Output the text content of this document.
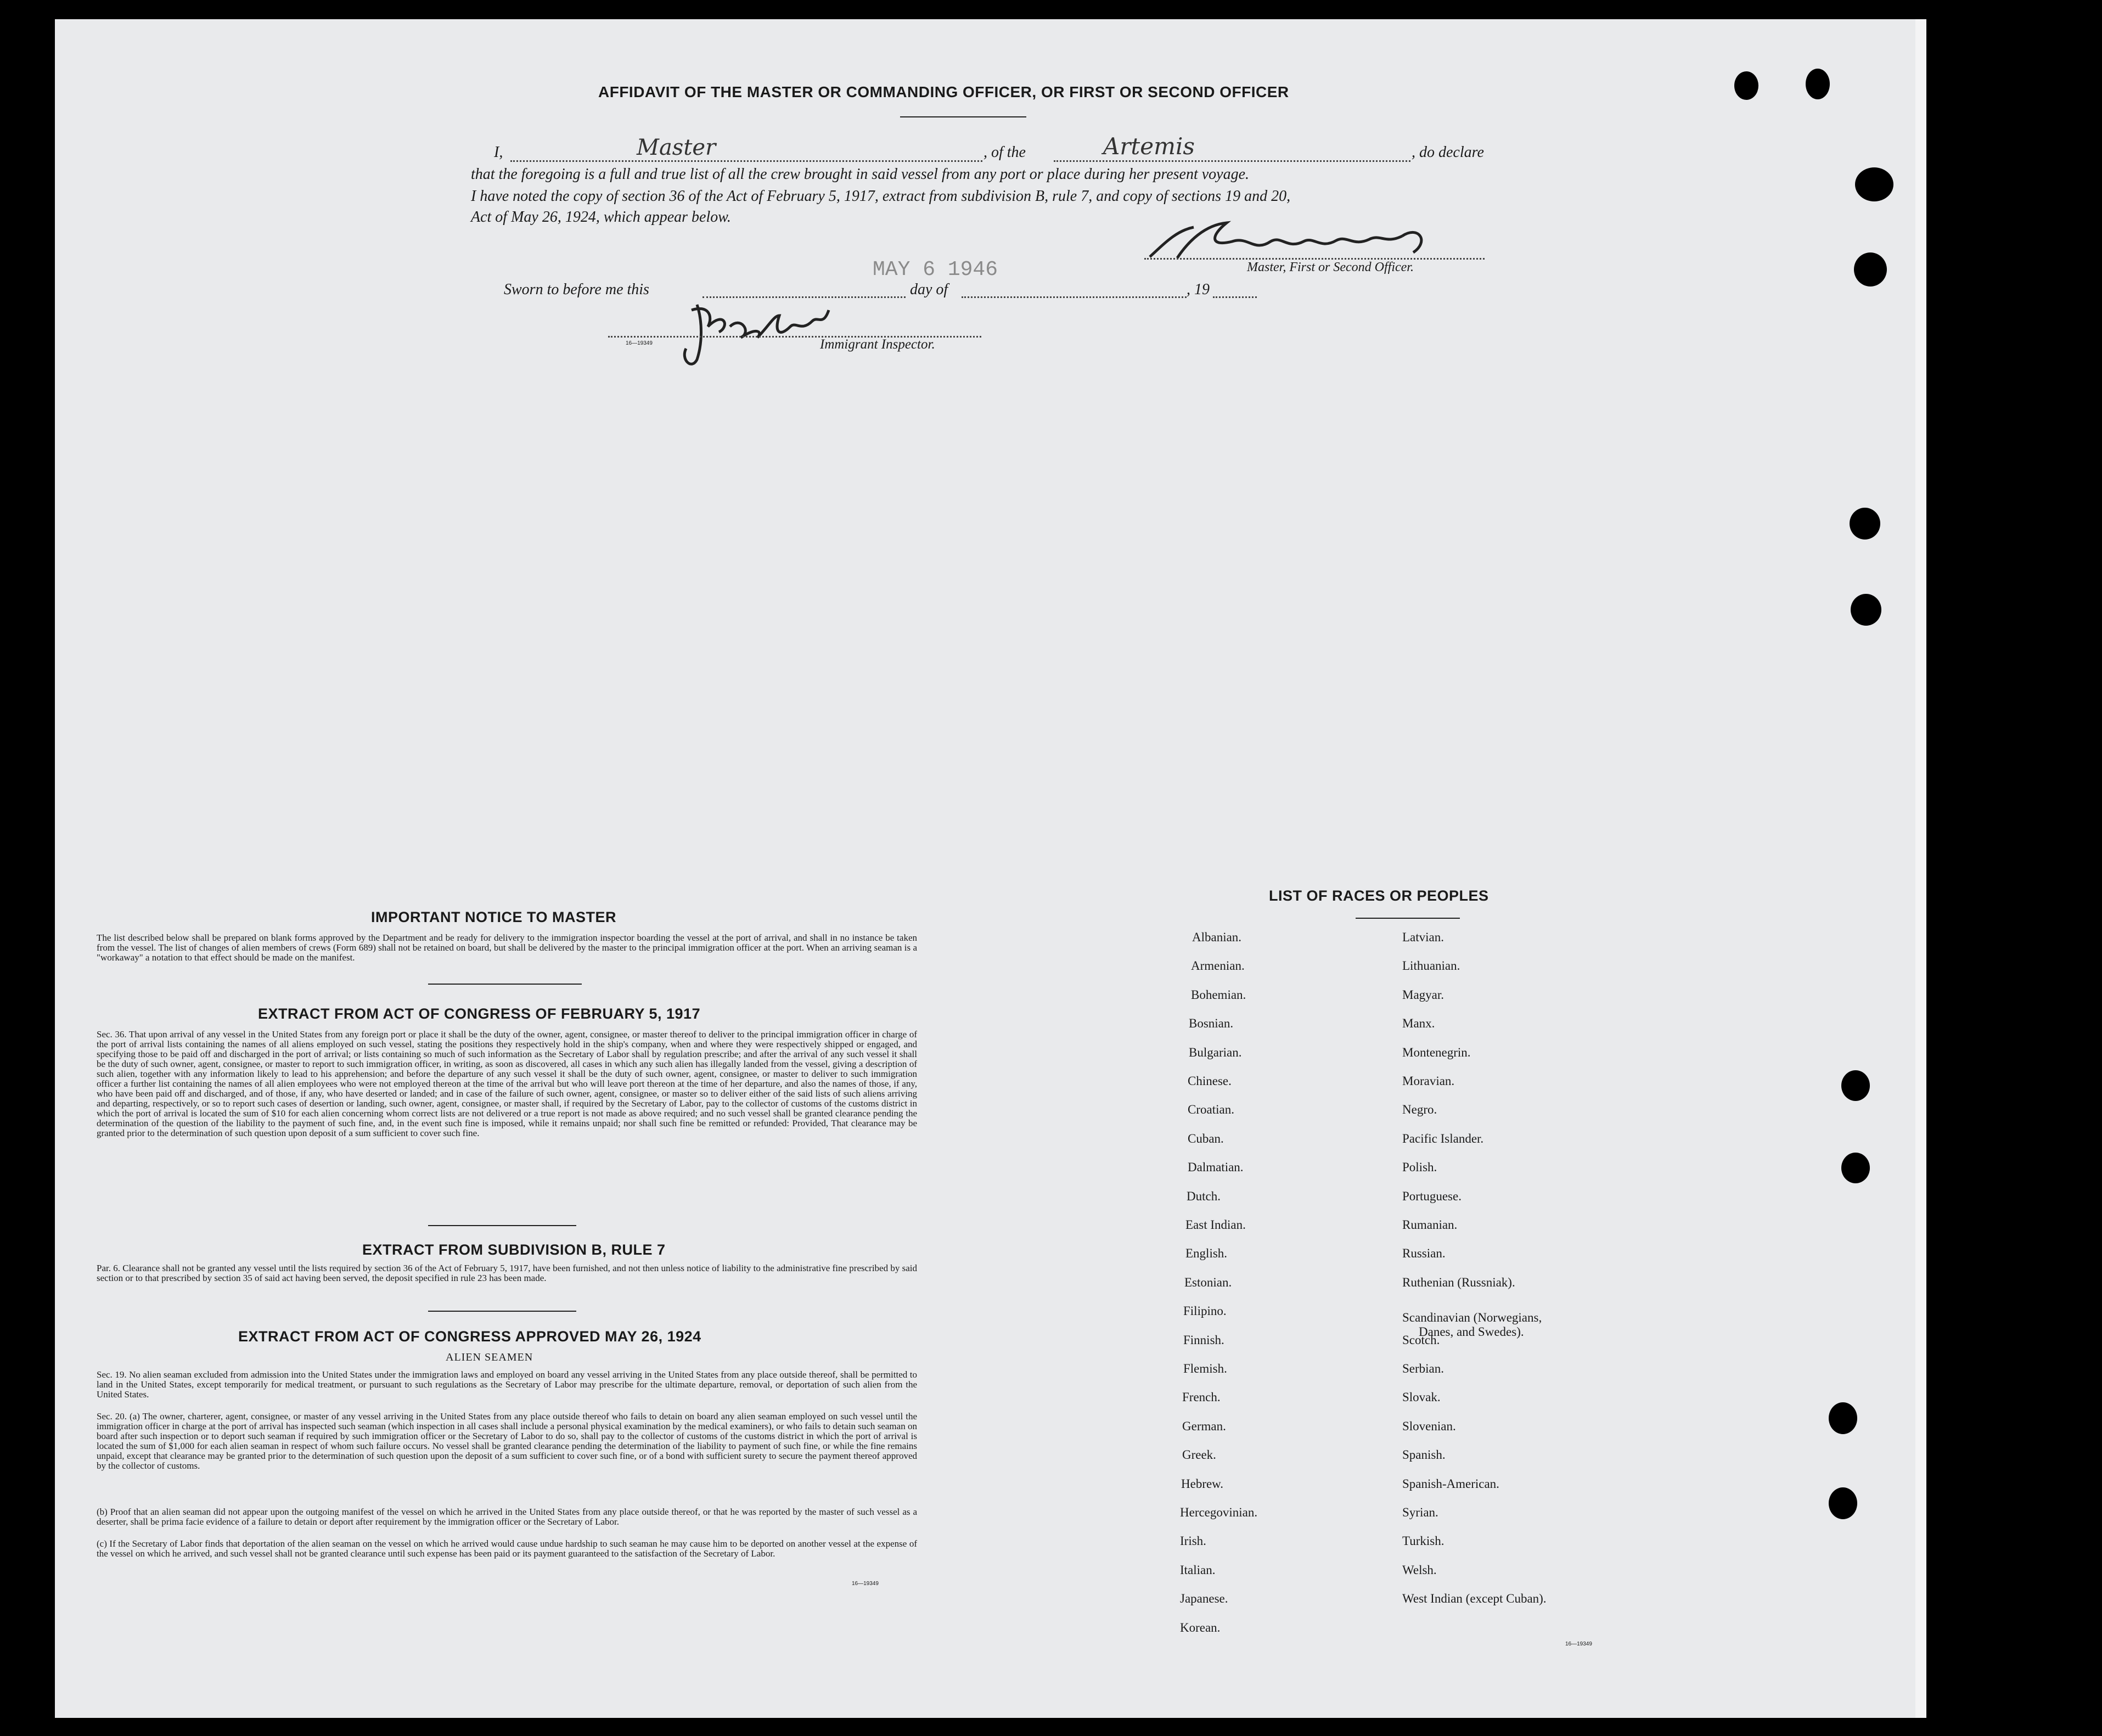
AFFIDAVIT OF THE MASTER OR COMMANDING OFFICER, OR FIRST OR SECOND OFFICER
I,	Master	, of the	Artemis	, do declare
that the foregoing is a full and true list of all the crew brought in said vessel from any port or place during her present voyage.
I have noted the copy of section 36 of the Act of February 5, 1917, extract from subdivision B, rule 7, and copy of sections 19 and 20,
Act of May 26, 1924, which appear below.
Master, First or Second Officer.
MAY 6 1946
Sworn to before me this	day of	, 19
16—19349	Immigrant Inspector.
IMPORTANT NOTICE TO MASTER
The list described below shall be prepared on blank forms approved by the Department and be ready for delivery to the immigration inspector boarding the vessel at the port of arrival, and shall in no instance be taken from the vessel. The list of changes of alien members of crews (Form 689) shall not be retained on board, but shall be delivered by the master to the principal immigration officer at the port. When an arriving seaman is a "workaway" a notation to that effect should be made on the manifest.
EXTRACT FROM ACT OF CONGRESS OF FEBRUARY 5, 1917
Sec. 36. That upon arrival of any vessel in the United States from any foreign port or place it shall be the duty of the owner, agent, consignee, or master thereof to deliver to the principal immigration officer in charge of the port of arrival lists containing the names of all aliens employed on such vessel, stating the positions they respectively hold in the ship's company, when and where they were respectively shipped or engaged, and specifying those to be paid off and discharged in the port of arrival; or lists containing so much of such information as the Secretary of Labor shall by regulation prescribe; and after the arrival of any such vessel it shall be the duty of such owner, agent, consignee, or master to report to such immigration officer, in writing, as soon as discovered, all cases in which any such alien has illegally landed from the vessel, giving a description of such alien, together with any information likely to lead to his apprehension; and before the departure of any such vessel it shall be the duty of such owner, agent, consignee, or master to deliver to such immigration officer a further list containing the names of all alien employees who were not employed thereon at the time of the arrival but who will leave port thereon at the time of her departure, and also the names of those, if any, who have been paid off and discharged, and of those, if any, who have deserted or landed; and in case of the failure of such owner, agent, consignee, or master so to deliver either of the said lists of such aliens arriving and departing, respectively, or so to report such cases of desertion or landing, such owner, agent, consignee, or master shall, if required by the Secretary of Labor, pay to the collector of customs of the customs district in which the port of arrival is located the sum of $10 for each alien concerning whom correct lists are not delivered or a true report is not made as above required; and no such vessel shall be granted clearance pending the determination of the question of the liability to the payment of such fine, and, in the event such fine is imposed, while it remains unpaid; nor shall such fine be remitted or refunded: Provided, That clearance may be granted prior to the determination of such question upon deposit of a sum sufficient to cover such fine.
EXTRACT FROM SUBDIVISION B, RULE 7
Par. 6. Clearance shall not be granted any vessel until the lists required by section 36 of the Act of February 5, 1917, have been furnished, and not then unless notice of liability to the administrative fine prescribed by said section or to that prescribed by section 35 of said act having been served, the deposit specified in rule 23 has been made.
EXTRACT FROM ACT OF CONGRESS APPROVED MAY 26, 1924
ALIEN SEAMEN
Sec. 19. No alien seaman excluded from admission into the United States under the immigration laws and employed on board any vessel arriving in the United States from any place outside thereof, shall be permitted to land in the United States, except temporarily for medical treatment, or pursuant to such regulations as the Secretary of Labor may prescribe for the ultimate departure, removal, or deportation of such alien from the United States.
Sec. 20. (a) The owner, charterer, agent, consignee, or master of any vessel arriving in the United States from any place outside thereof who fails to detain on board any alien seaman employed on such vessel until the immigration officer in charge at the port of arrival has inspected such seaman (which inspection in all cases shall include a personal physical examination by the medical examiners), or who fails to detain such seaman on board after such inspection or to deport such seaman if required by such immigration officer or the Secretary of Labor to do so, shall pay to the collector of customs of the customs district in which the port of arrival is located the sum of $1,000 for each alien seaman in respect of whom such failure occurs. No vessel shall be granted clearance pending the determination of the liability to payment of such fine, or while the fine remains unpaid, except that clearance may be granted prior to the determination of such question upon the deposit of a sum sufficient to cover such fine, or of a bond with sufficient surety to secure the payment thereof approved by the collector of customs.
(b) Proof that an alien seaman did not appear upon the outgoing manifest of the vessel on which he arrived in the United States from any place outside thereof, or that he was reported by the master of such vessel as a deserter, shall be prima facie evidence of a failure to detain or deport after requirement by the immigration officer or the Secretary of Labor.
(c) If the Secretary of Labor finds that deportation of the alien seaman on the vessel on which he arrived would cause undue hardship to such seaman he may cause him to be deported on another vessel at the expense of the vessel on which he arrived, and such vessel shall not be granted clearance until such expense has been paid or its payment guaranteed to the satisfaction of the Secretary of Labor.
16—19349
LIST OF RACES OR PEOPLES
Albanian.
Armenian.
Bohemian.
Bosnian.
Bulgarian.
Chinese.
Croatian.
Cuban.
Dalmatian.
Dutch.
East Indian.
English.
Estonian.
Filipino.
Finnish.
Flemish.
French.
German.
Greek.
Hebrew.
Hercegovinian.
Irish.
Italian.
Japanese.
Korean.
Latvian.
Lithuanian.
Magyar.
Manx.
Montenegrin.
Moravian.
Negro.
Pacific Islander.
Polish.
Portuguese.
Rumanian.
Russian.
Ruthenian (Russniak).
Scandinavian (Norwegians,
Danes, and Swedes).
Scotch.
Serbian.
Slovak.
Slovenian.
Spanish.
Spanish-American.
Syrian.
Turkish.
Welsh.
West Indian (except Cuban).
16—19349
